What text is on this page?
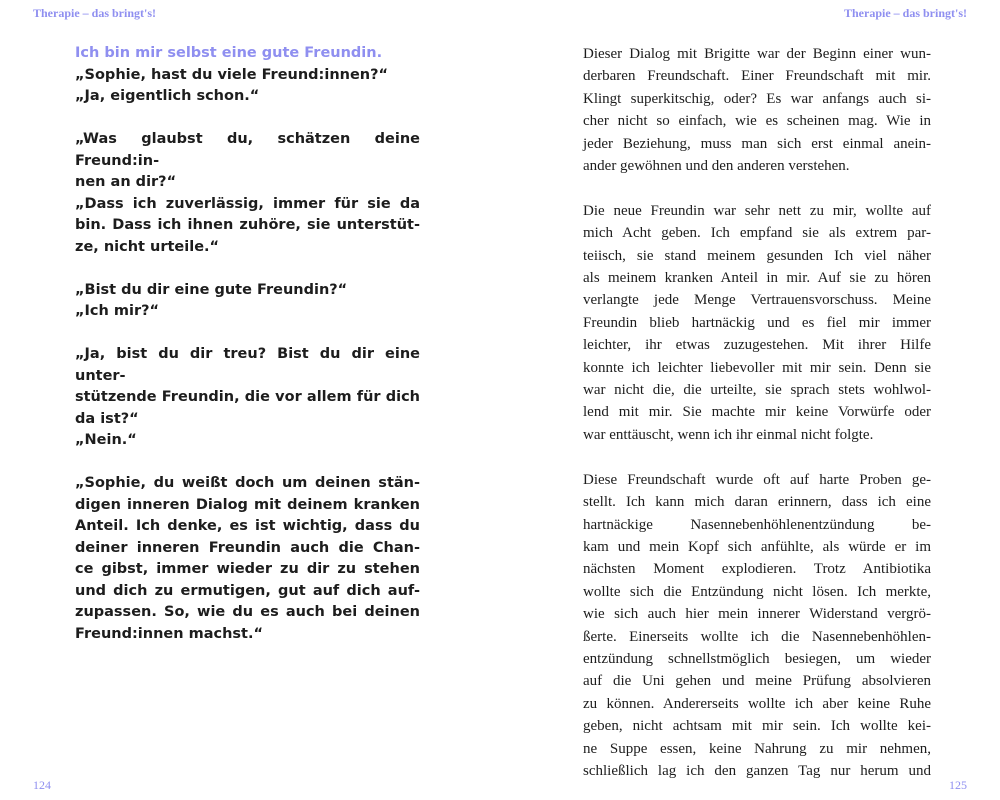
Therapie – das bringt's!
Ich bin mir selbst eine gute Freundin.
„Sophie, hast du viele Freund:innen?“
„Ja, eigentlich schon.“
„Was glaubst du, schätzen deine Freund:in-
nen an dir?“
„Dass ich zuverlässig, immer für sie da
bin. Dass ich ihnen zuhöre, sie unterstüt-
ze, nicht urteile.“
„Bist du dir eine gute Freundin?“
„Ich mir?“
„Ja, bist du dir treu? Bist du dir eine unter-
stützende Freundin, die vor allem für dich
da ist?“
„Nein.“
„Sophie, du weißt doch um deinen stän-
digen inneren Dialog mit deinem kranken
Anteil. Ich denke, es ist wichtig, dass du
deiner inneren Freundin auch die Chan-
ce gibst, immer wieder zu dir zu stehen
und dich zu ermutigen, gut auf dich auf-
zupassen. So, wie du es auch bei deinen
Freund:innen machst.“
124
Therapie – das bringt's!
125
Dieser Dialog mit Brigitte war der Beginn einer wun-
derbaren Freundschaft. Einer Freundschaft mit mir.
Klingt superkitschig, oder? Es war anfangs auch si-
cher nicht so einfach, wie es scheinen mag. Wie in
jeder Beziehung, muss man sich erst einmal anein-
ander gewöhnen und den anderen verstehen.
Die neue Freundin war sehr nett zu mir, wollte auf
mich Acht geben. Ich empfand sie als extrem par-
teiisch, sie stand meinem gesunden Ich viel näher
als meinem kranken Anteil in mir. Auf sie zu hören
verlangte jede Menge Vertrauensvorschuss. Meine
Freundin blieb hartnäckig und es fiel mir immer
leichter, ihr etwas zuzugestehen. Mit ihrer Hilfe
konnte ich leichter liebevoller mit mir sein. Denn sie
war nicht die, die urteilte, sie sprach stets wohlwol-
lend mit mir. Sie machte mir keine Vorwürfe oder
war enttäuscht, wenn ich ihr einmal nicht folgte.
Diese Freundschaft wurde oft auf harte Proben ge-
stellt. Ich kann mich daran erinnern, dass ich eine
hartnäckige Nasennebenhöhlenentzündung be-
kam und mein Kopf sich anfühlte, als würde er im
nächsten Moment explodieren. Trotz Antibiotika
wollte sich die Entzündung nicht lösen. Ich merkte,
wie sich auch hier mein innerer Widerstand vergrö-
ßerte. Einerseits wollte ich die Nasennebenhöhlen-
entzündung schnellstmöglich besiegen, um wieder
auf die Uni gehen und meine Prüfung absolvieren
zu können. Andererseits wollte ich aber keine Ruhe
geben, nicht achtsam mit mir sein. Ich wollte kei-
ne Suppe essen, keine Nahrung zu mir nehmen,
schließlich lag ich den ganzen Tag nur herum und
